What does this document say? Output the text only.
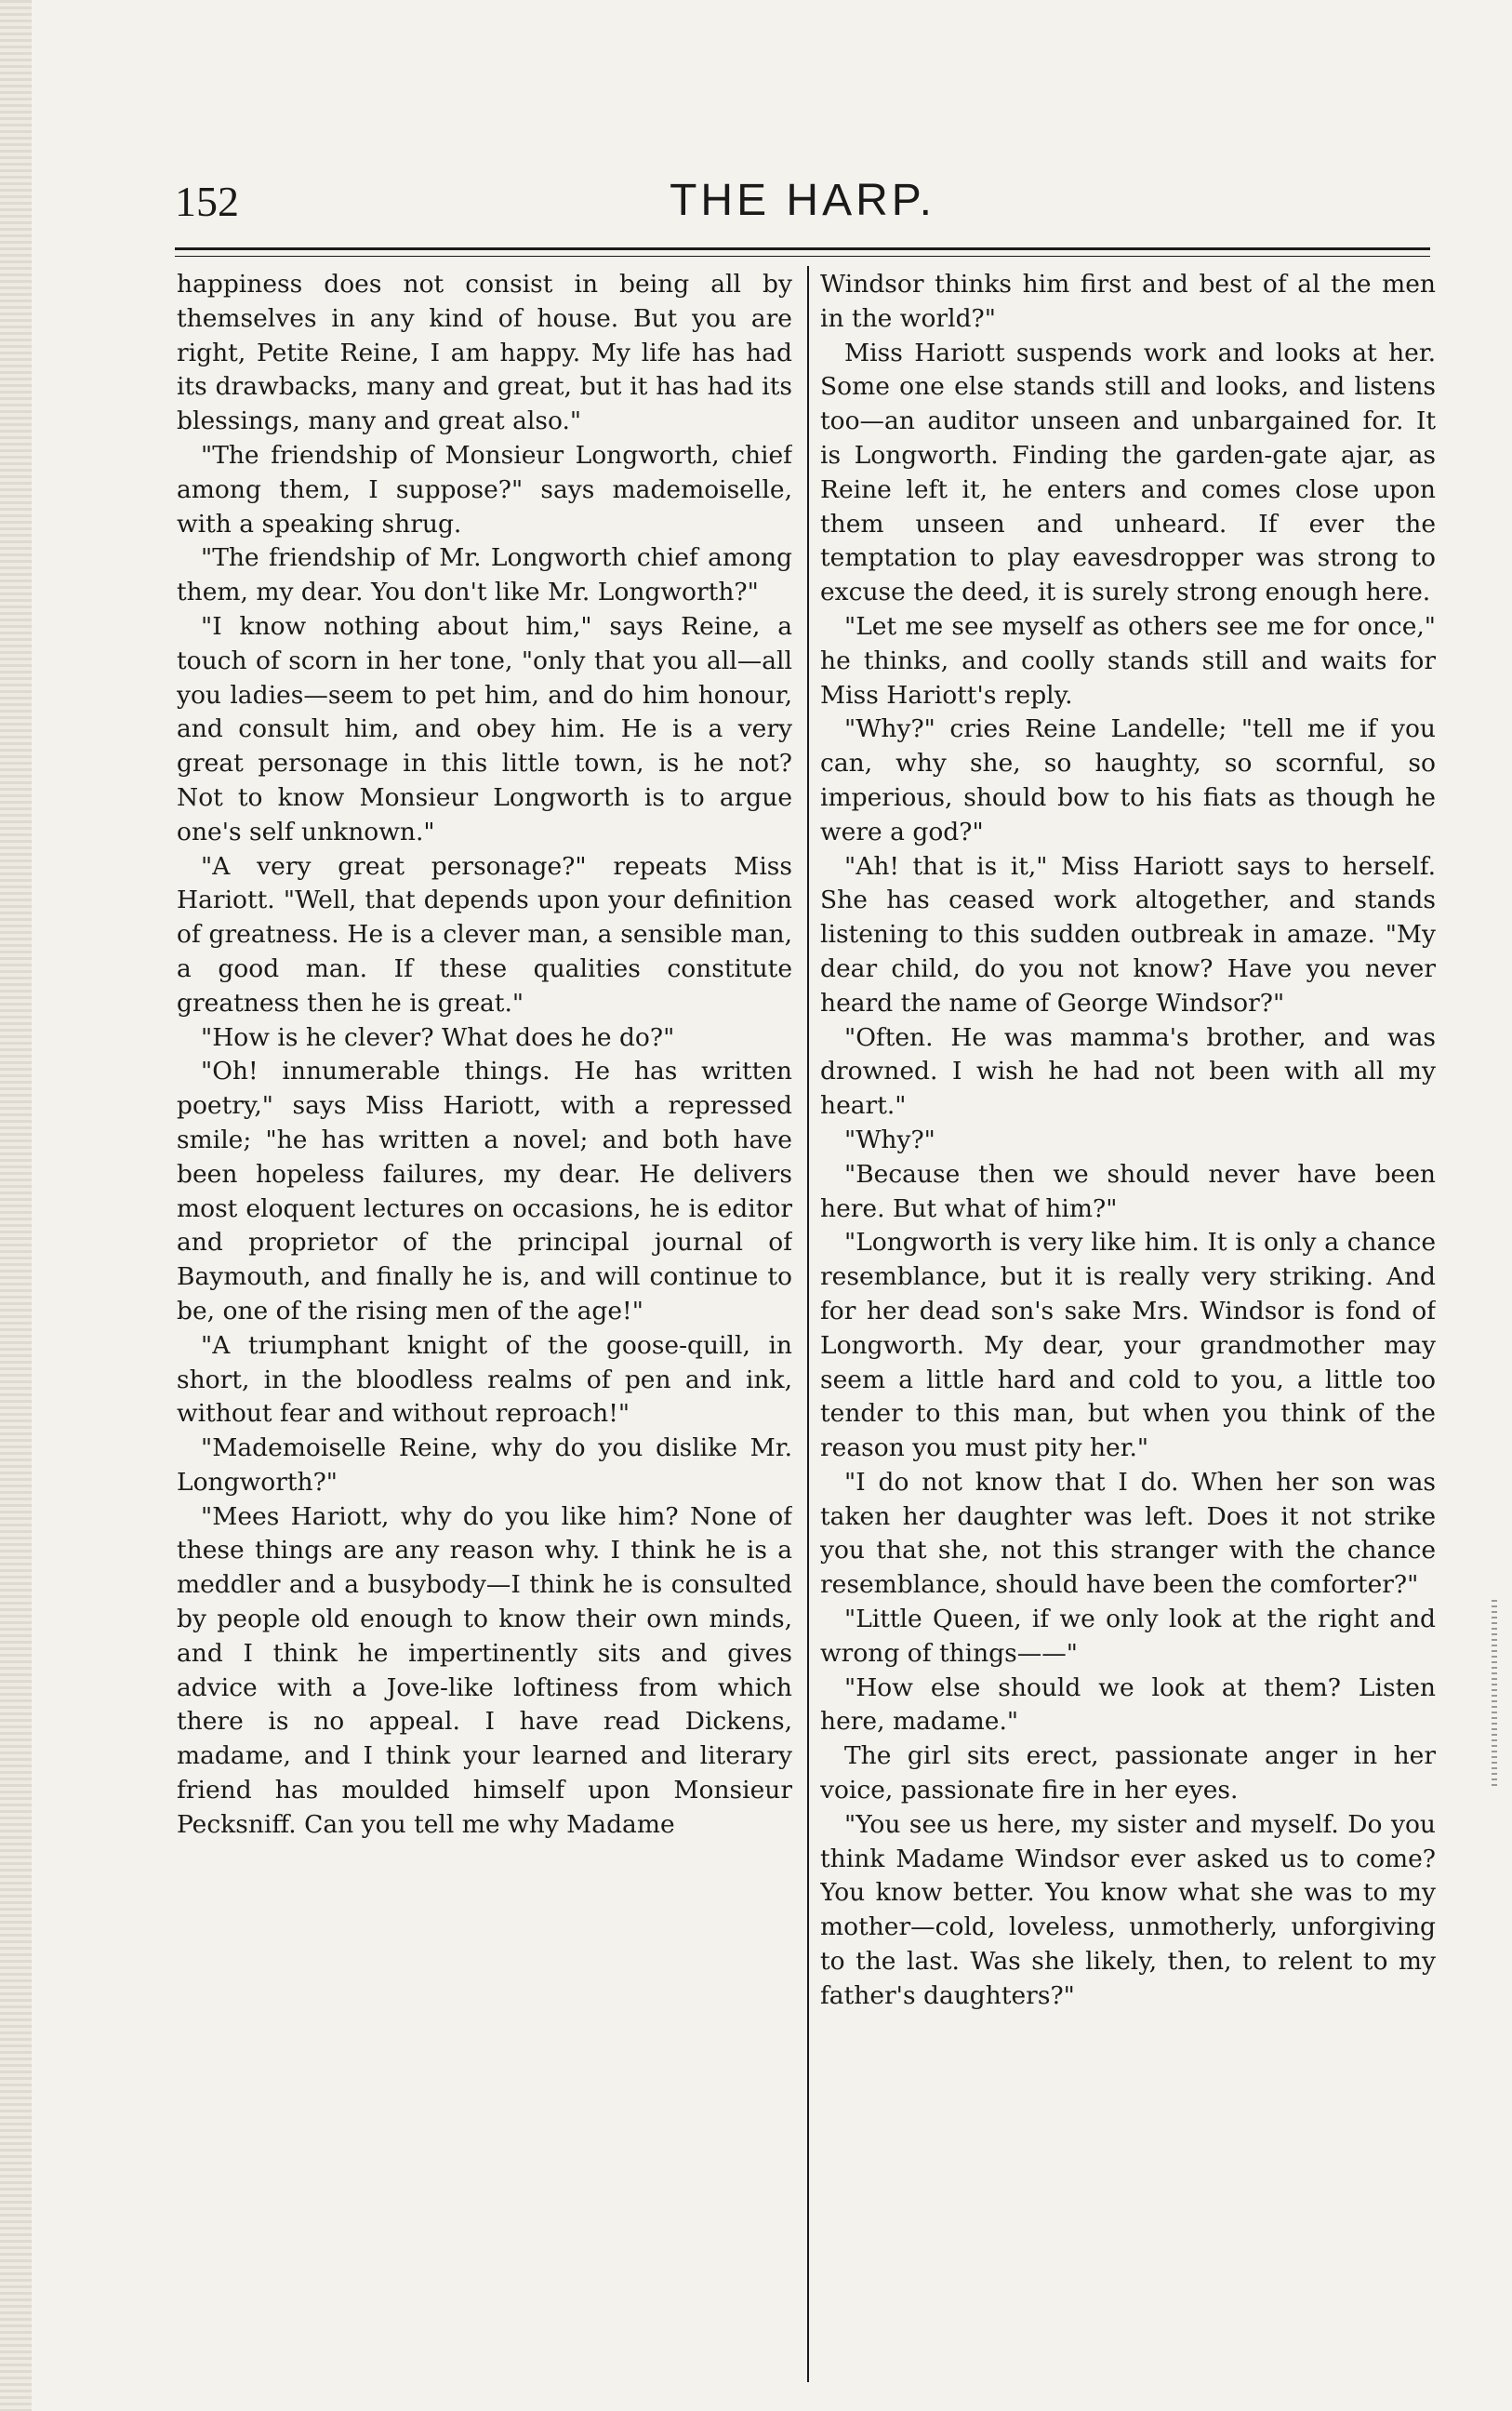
152	THE HARP.

happiness does not consist in being all by themselves in any kind of house. But you are right, Petite Reine, I am happy. My life has had its drawbacks, many and great, but it has had its blessings, many and great also."

"The friendship of Monsieur Longworth, chief among them, I suppose?" says mademoiselle, with a speaking shrug.

"The friendship of Mr. Longworth chief among them, my dear. You don't like Mr. Longworth?"

"I know nothing about him," says Reine, a touch of scorn in her tone, "only that you all—all you ladies—seem to pet him, and do him honour, and consult him, and obey him. He is a very great personage in this little town, is he not? Not to know Monsieur Longworth is to argue one's self unknown."

"A very great personage?" repeats Miss Hariott. "Well, that depends upon your definition of greatness. He is a clever man, a sensible man, a good man. If these qualities constitute greatness then he is great."

"How is he clever? What does he do?"

"Oh! innumerable things. He has written poetry," says Miss Hariott, with a repressed smile; "he has written a novel; and both have been hopeless failures, my dear. He delivers most eloquent lectures on occasions, he is editor and proprietor of the principal journal of Baymouth, and finally he is, and will continue to be, one of the rising men of the age!"

"A triumphant knight of the goose-quill, in short, in the bloodless realms of pen and ink, without fear and without reproach!"

"Mademoiselle Reine, why do you dislike Mr. Longworth?"

"Mees Hariott, why do you like him? None of these things are any reason why. I think he is a meddler and a busybody—I think he is consulted by people old enough to know their own minds, and I think he impertinently sits and gives advice with a Jove-like loftiness from which there is no appeal. I have read Dickens, madame, and I think your learned and literary friend has moulded himself upon Monsieur Pecksniff. Can you tell me why Madame

Windsor thinks him first and best of al the men in the world?"

Miss Hariott suspends work and looks at her. Some one else stands still and looks, and listens too—an auditor unseen and unbargained for. It is Longworth. Finding the garden-gate ajar, as Reine left it, he enters and comes close upon them unseen and unheard. If ever the temptation to play eavesdropper was strong to excuse the deed, it is surely strong enough here.

"Let me see myself as others see me for once," he thinks, and coolly stands still and waits for Miss Hariott's reply.

"Why?" cries Reine Landelle; "tell me if you can, why she, so haughty, so scornful, so imperious, should bow to his fiats as though he were a god?"

"Ah! that is it," Miss Hariott says to herself. She has ceased work altogether, and stands listening to this sudden outbreak in amaze. "My dear child, do you not know? Have you never heard the name of George Windsor?"

"Often. He was mamma's brother, and was drowned. I wish he had not been with all my heart."

"Why?"

"Because then we should never have been here. But what of him?"

"Longworth is very like him. It is only a chance resemblance, but it is really very striking. And for her dead son's sake Mrs. Windsor is fond of Longworth. My dear, your grandmother may seem a little hard and cold to you, a little too tender to this man, but when you think of the reason you must pity her."

"I do not know that I do. When her son was taken her daughter was left. Does it not strike you that she, not this stranger with the chance resemblance, should have been the comforter?"

"Little Queen, if we only look at the right and wrong of things——"

"How else should we look at them? Listen here, madame."

The girl sits erect, passionate anger in her voice, passionate fire in her eyes.

"You see us here, my sister and myself. Do you think Madame Windsor ever asked us to come? You know better. You know what she was to my mother—cold, loveless, unmotherly, unforgiving to the last. Was she likely, then, to relent to my father's daughters?"
